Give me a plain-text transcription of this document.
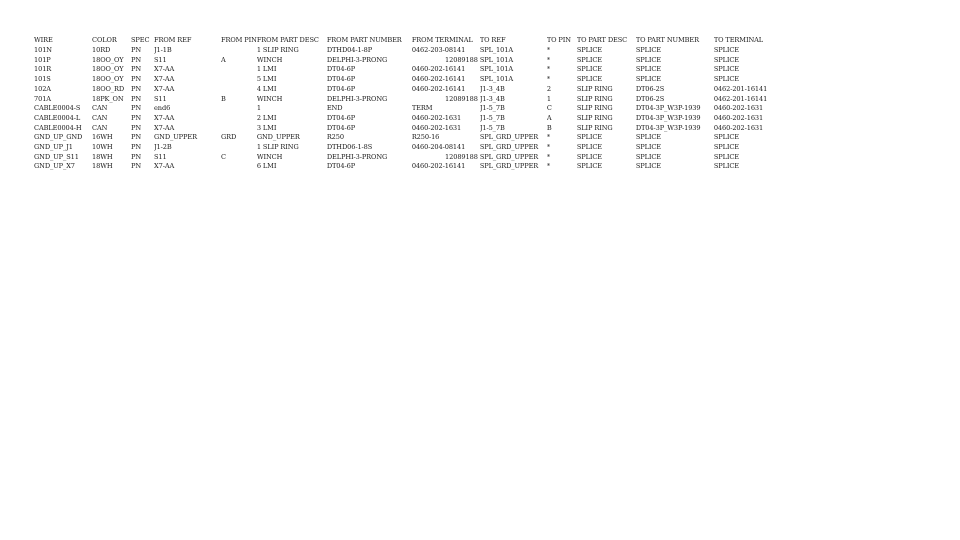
WIRE	COLOR	SPEC	FROM REF	FROM PIN	FROM PART DESC	FROM PART NUMBER	FROM TERMINAL	TO REF	TO PIN	TO PART DESC	TO PART NUMBER	TO TERMINAL
101N	10RD	PN	J1-1B		1 SLIP RING	DTHD04-1-8P	0462-203-08141	SPL_101A	*	SPLICE	SPLICE	SPLICE
101P	18OO_OY	PN	S11	A	WINCH	DELPHI-3-PRONG	12089188	SPL_101A	*	SPLICE	SPLICE	SPLICE
101R	18OO_OY	PN	X7-AA		1 LMI	DT04-6P	0460-202-16141	SPL_101A	*	SPLICE	SPLICE	SPLICE
101S	18OO_OY	PN	X7-AA		5 LMI	DT04-6P	0460-202-16141	SPL_101A	*	SPLICE	SPLICE	SPLICE
102A	18OO_RD	PN	X7-AA		4 LMI	DT04-6P	0460-202-16141	J1-3_4B	2	SLIP RING	DT06-2S	0462-201-16141
701A	18PK_ON	PN	S11	B	WINCH	DELPHI-3-PRONG	12089188	J1-3_4B	1	SLIP RING	DT06-2S	0462-201-16141
CABLE0004-S	CAN	PN	end6		1	END	TERM	J1-5_7B	C	SLIP RING	DT04-3P_W3P-1939	0460-202-1631
CABLE0004-L	CAN	PN	X7-AA		2 LMI	DT04-6P	0460-202-1631	J1-5_7B	A	SLIP RING	DT04-3P_W3P-1939	0460-202-1631
CABLE0004-H	CAN	PN	X7-AA		3 LMI	DT04-6P	0460-202-1631	J1-5_7B	B	SLIP RING	DT04-3P_W3P-1939	0460-202-1631
GND_UP_GND	16WH	PN	GND_UPPER	GRD	GND_UPPER	R250	R250-16	SPL_GRD_UPPER	*	SPLICE	SPLICE	SPLICE
GND_UP_J1	10WH	PN	J1-2B		1 SLIP RING	DTHD06-1-8S	0460-204-08141	SPL_GRD_UPPER	*	SPLICE	SPLICE	SPLICE
GND_UP_S11	18WH	PN	S11	C	WINCH	DELPHI-3-PRONG	12089188	SPL_GRD_UPPER	*	SPLICE	SPLICE	SPLICE
GND_UP_X7	18WH	PN	X7-AA		6 LMI	DT04-6P	0460-202-16141	SPL_GRD_UPPER	*	SPLICE	SPLICE	SPLICE
